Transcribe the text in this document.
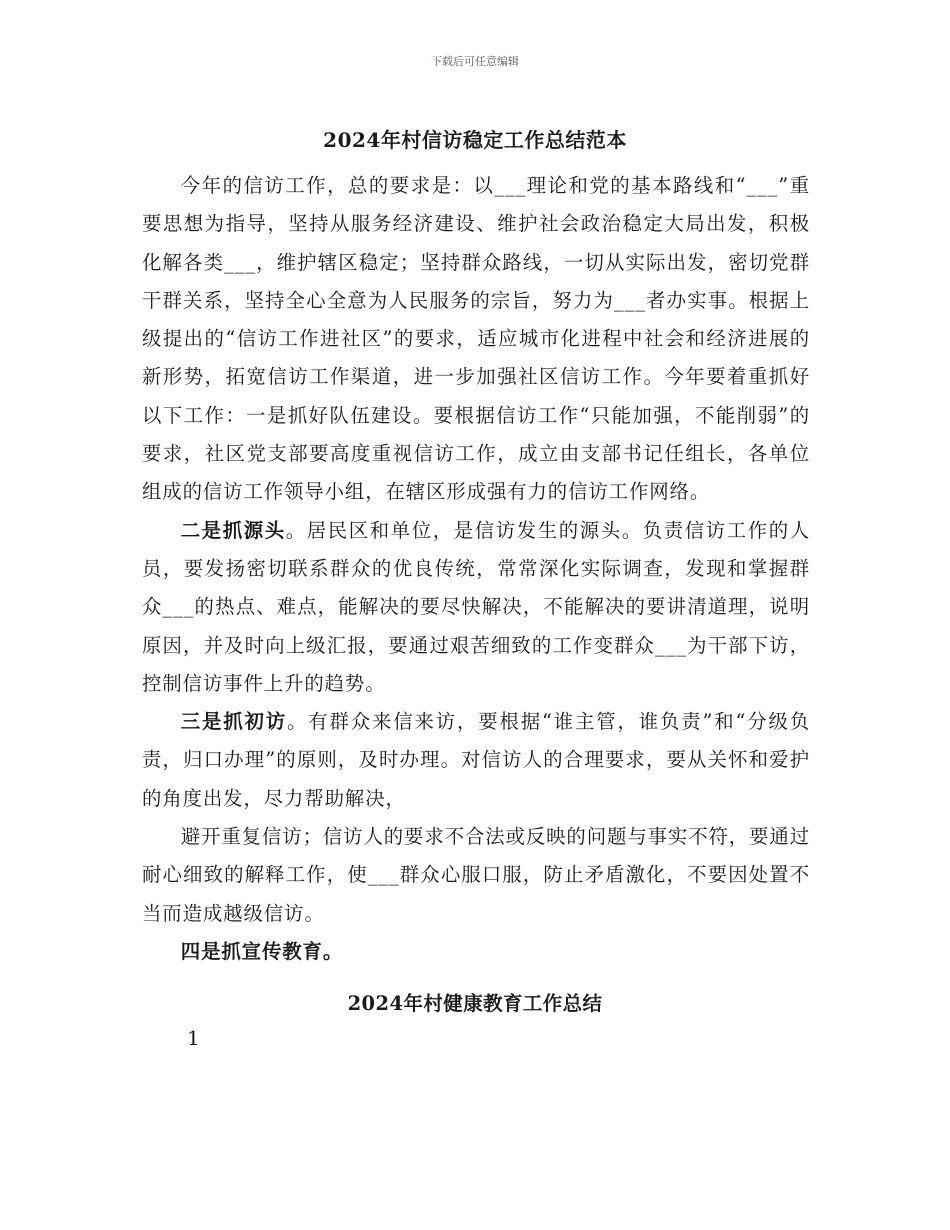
下载后可任意编辑
2024年村信访稳定工作总结范本

今年的信访工作，总的要求是：以___理论和党的基本路线和“___”重要思想为指导，坚持从服务经济建设、维护社会政治稳定大局出发，积极化解各类___，维护辖区稳定；坚持群众路线，一切从实际出发，密切党群干群关系，坚持全心全意为人民服务的宗旨，努力为___者办实事。根据上级提出的“信访工作进社区”的要求，适应城市化进程中社会和经济进展的新形势，拓宽信访工作渠道，进一步加强社区信访工作。今年要着重抓好以下工作：一是抓好队伍建设。要根据信访工作“只能加强，不能削弱”的要求，社区党支部要高度重视信访工作，成立由支部书记任组长，各单位组成的信访工作领导小组，在辖区形成强有力的信访工作网络。

二是抓源头。居民区和单位，是信访发生的源头。负责信访工作的人员，要发扬密切联系群众的优良传统，常常深化实际调查，发现和掌握群众___的热点、难点，能解决的要尽快解决，不能解决的要讲清道理，说明原因，并及时向上级汇报，要通过艰苦细致的工作变群众___为干部下访，控制信访事件上升的趋势。

三是抓初访。有群众来信来访，要根据“谁主管，谁负责”和“分级负责，归口办理”的原则，及时办理。对信访人的合理要求，要从关怀和爱护的角度出发，尽力帮助解决，

避开重复信访；信访人的要求不合法或反映的问题与事实不符，要通过耐心细致的解释工作，使___群众心服口服，防止矛盾激化，不要因处置不当而造成越级信访。

四是抓宣传教育。

2024年村健康教育工作总结
1
